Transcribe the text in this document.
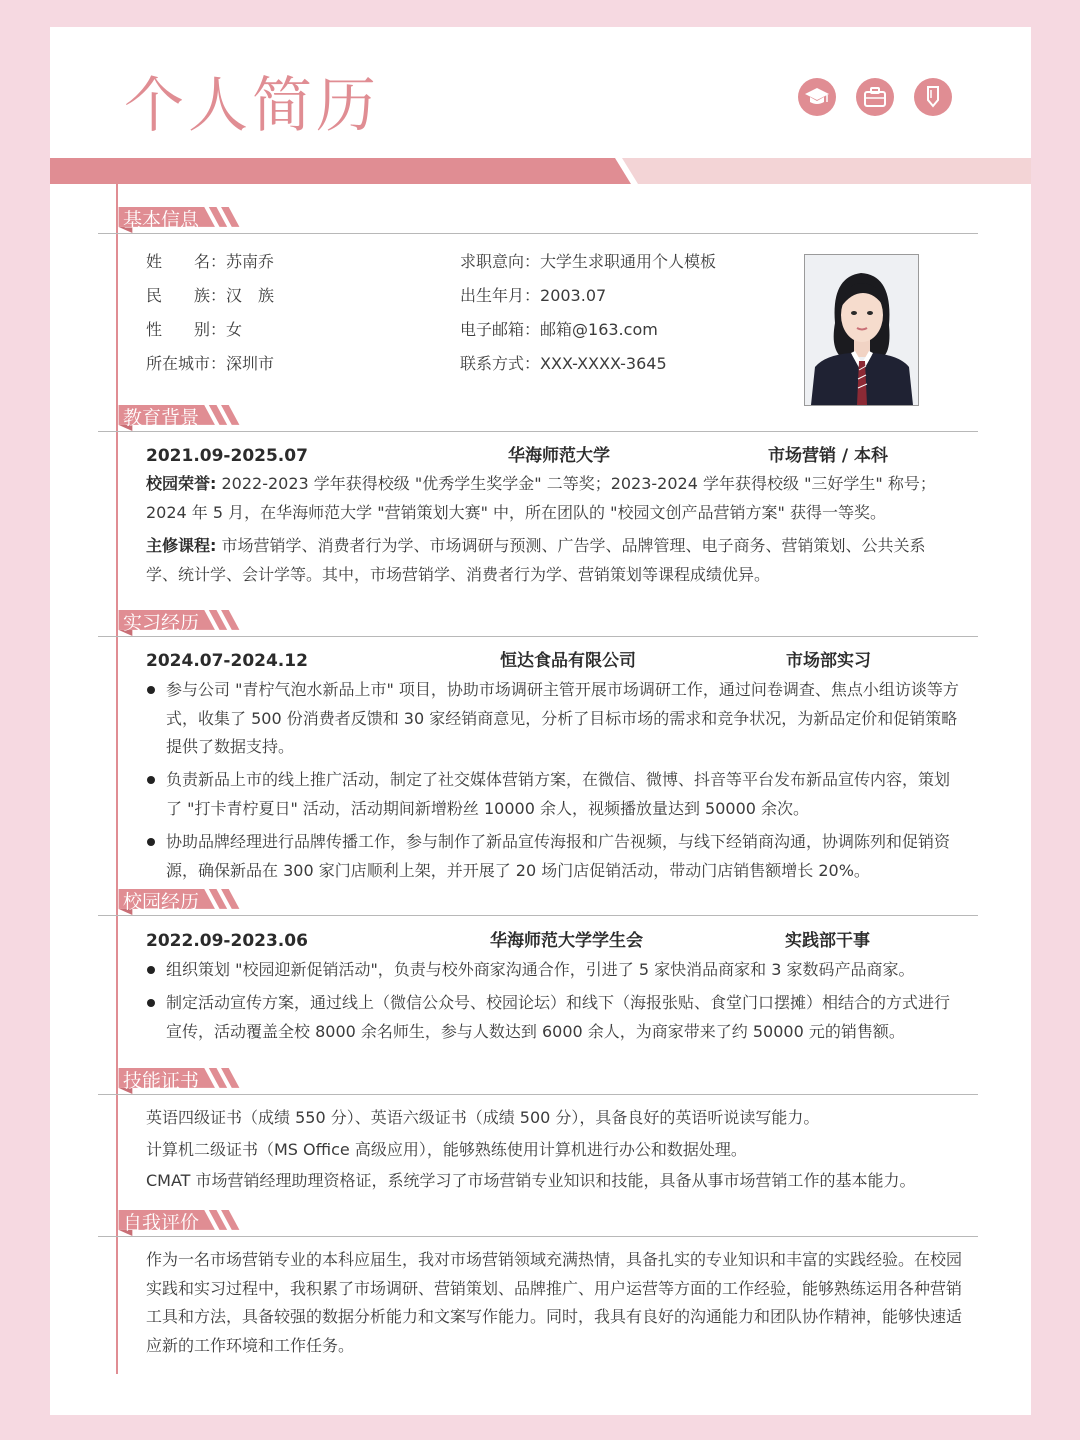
个人简历
基本信息
姓　　名：苏南乔
民　　族：汉　族
性　　别：女
所在城市：深圳市
求职意向：大学生求职通用个人模板
出生年月：2003.07
电子邮箱：邮箱@163.com
联系方式：XXX-XXXX-3645
教育背景
2021.09-2025.07	华海师范大学	市场营销 / 本科
校园荣誉: 2022-2023 学年获得校级 "优秀学生奖学金" 二等奖；2023-2024 学年获得校级 "三好学生" 称号；
2024 年 5 月，在华海师范大学 "营销策划大赛" 中，所在团队的 "校园文创产品营销方案" 获得一等奖。
主修课程: 市场营销学、消费者行为学、市场调研与预测、广告学、品牌管理、电子商务、营销策划、公共关系
学、统计学、会计学等。其中，市场营销学、消费者行为学、营销策划等课程成绩优异。
实习经历
2024.07-2024.12	恒达食品有限公司	市场部实习
参与公司 "青柠气泡水新品上市" 项目，协助市场调研主管开展市场调研工作，通过问卷调查、焦点小组访谈等方式，收集了 500 份消费者反馈和 30 家经销商意见，分析了目标市场的需求和竞争状况，为新品定价和促销策略提供了数据支持。
负责新品上市的线上推广活动，制定了社交媒体营销方案，在微信、微博、抖音等平台发布新品宣传内容，策划了 "打卡青柠夏日" 活动，活动期间新增粉丝 10000 余人，视频播放量达到 50000 余次。
协助品牌经理进行品牌传播工作，参与制作了新品宣传海报和广告视频，与线下经销商沟通，协调陈列和促销资源，确保新品在 300 家门店顺利上架，并开展了 20 场门店促销活动，带动门店销售额增长 20%。
校园经历
2022.09-2023.06	华海师范大学学生会	实践部干事
组织策划 "校园迎新促销活动"，负责与校外商家沟通合作，引进了 5 家快消品商家和 3 家数码产品商家。
制定活动宣传方案，通过线上（微信公众号、校园论坛）和线下（海报张贴、食堂门口摆摊）相结合的方式进行宣传，活动覆盖全校 8000 余名师生，参与人数达到 6000 余人，为商家带来了约 50000 元的销售额。
技能证书
英语四级证书（成绩 550 分）、英语六级证书（成绩 500 分），具备良好的英语听说读写能力。
计算机二级证书（MS Office 高级应用），能够熟练使用计算机进行办公和数据处理。
CMAT 市场营销经理助理资格证，系统学习了市场营销专业知识和技能，具备从事市场营销工作的基本能力。
自我评价
作为一名市场营销专业的本科应届生，我对市场营销领域充满热情，具备扎实的专业知识和丰富的实践经验。在校园实践和实习过程中，我积累了市场调研、营销策划、品牌推广、用户运营等方面的工作经验，能够熟练运用各种营销工具和方法，具备较强的数据分析能力和文案写作能力。同时，我具有良好的沟通能力和团队协作精神，能够快速适应新的工作环境和工作任务。
